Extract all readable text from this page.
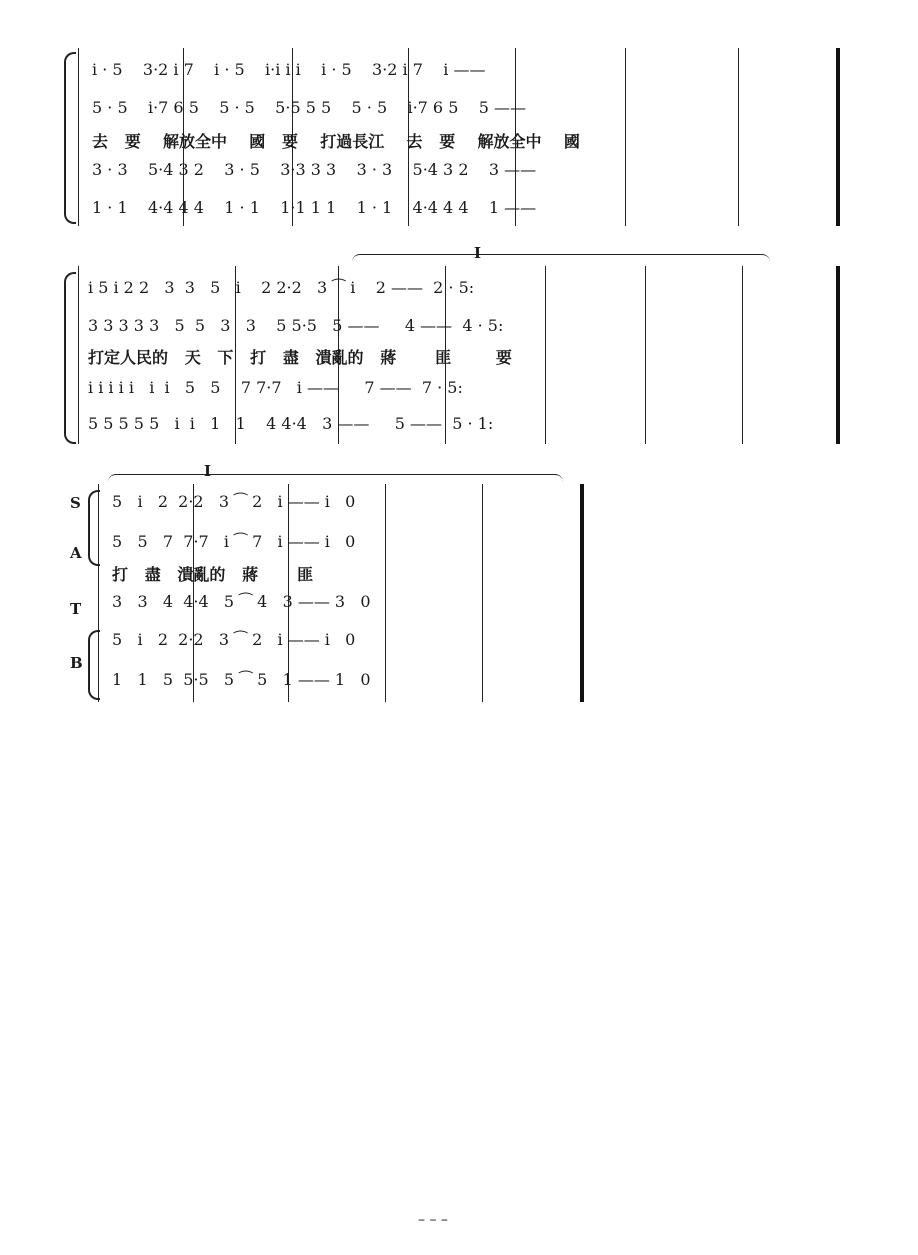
i · 5    3·2 i 7    i · 5    i·i i i    i · 5    3·2 i 7    i ——
5 · 5    i·7 6 5    5 · 5    5·5 5 5    5 · 5    i·7 6 5    5 ——
去   要    解放全中    國   要    打過長江    去   要    解放全中    國
3 · 3    5·4 3 2    3 · 5    3·3 3 3    3 · 3    5·4 3 2    3 ——
1 · 1    4·4 4 4    1 · 1    1·1 1 1    1 · 1    4·4 4 4    1 ——
I
i 5 i 2 2   3  3   5   i    2 2·2   3 ⁀ i    2 ——  2 · 5:
3 3 3 3 3   5  5   3   3    5 5·5   5 ——     4 ——  4 · 5:
打定人民的   天   下   打   盡   潰亂的   蔣       匪        要
i i i i i   i  i   5   5    7 7·7   i ——     7 ——  7 · 5:
5 5 5 5 5   i  i   1   1    4 4·4   3 ——     5 ——  5 · 1:
I
S
A
T
B
5   i   2  2·2   3 ⁀ 2   i —— i   0
5   5   7  7·7   i ⁀ 7   i —— i   0
打   盡   潰亂的   蔣       匪
3   3   4  4·4   5 ⁀ 4   3 —— 3   0
5   i   2  2·2   3 ⁀ 2   i —— i   0
1   1   5  5·5   5 ⁀ 5   1 —— 1   0
– – –
